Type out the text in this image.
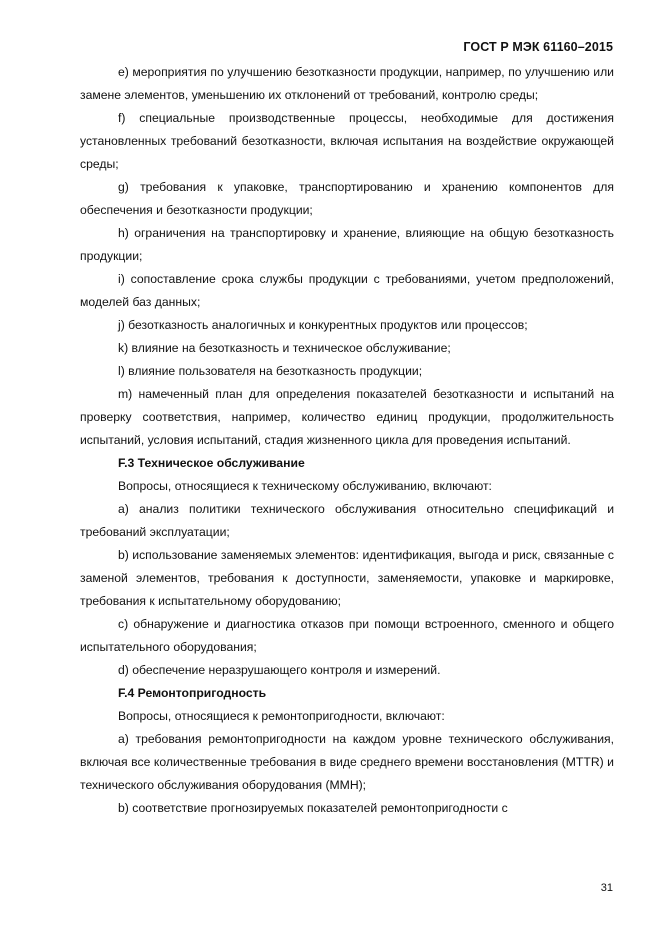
ГОСТ Р МЭК 61160–2015

е) мероприятия по улучшению безотказности продукции, например, по улучшению или замене элементов, уменьшению их отклонений от требований, контролю среды;

f) специальные производственные процессы, необходимые для достижения установленных требований безотказности, включая испытания на воздействие окружающей среды;

g) требования к упаковке, транспортированию и хранению компонентов для обеспечения и безотказности продукции;

h) ограничения на транспортировку и хранение, влияющие на общую безотказность продукции;

i) сопоставление срока службы продукции с требованиями, учетом предположений, моделей баз данных;

j) безотказность аналогичных и конкурентных продуктов или процессов;

k) влияние на безотказность и техническое обслуживание;

l) влияние пользователя на безотказность продукции;

m) намеченный план для определения показателей безотказности и испытаний на проверку соответствия, например, количество единиц продукции, продолжительность испытаний, условия испытаний, стадия жизненного цикла для проведения испытаний.

F.3 Техническое обслуживание

Вопросы, относящиеся к техническому обслуживанию, включают:

а) анализ политики технического обслуживания относительно спецификаций и требований эксплуатации;

b) использование заменяемых элементов: идентификация, выгода и риск, связанные с заменой элементов, требования к доступности, заменяемости, упаковке и маркировке, требования к испытательному оборудованию;

c) обнаружение и диагностика отказов при помощи встроенного, сменного и общего испытательного оборудования;

d) обеспечение неразрушающего контроля и измерений.

F.4 Ремонтопригодность

Вопросы, относящиеся к ремонтопригодности, включают:

а) требования ремонтопригодности на каждом уровне технического обслуживания, включая все количественные требования в виде среднего времени восстановления (MTTR) и технического обслуживания оборудования (MMH);

b) соответствие прогнозируемых показателей ремонтопригодности с

31
